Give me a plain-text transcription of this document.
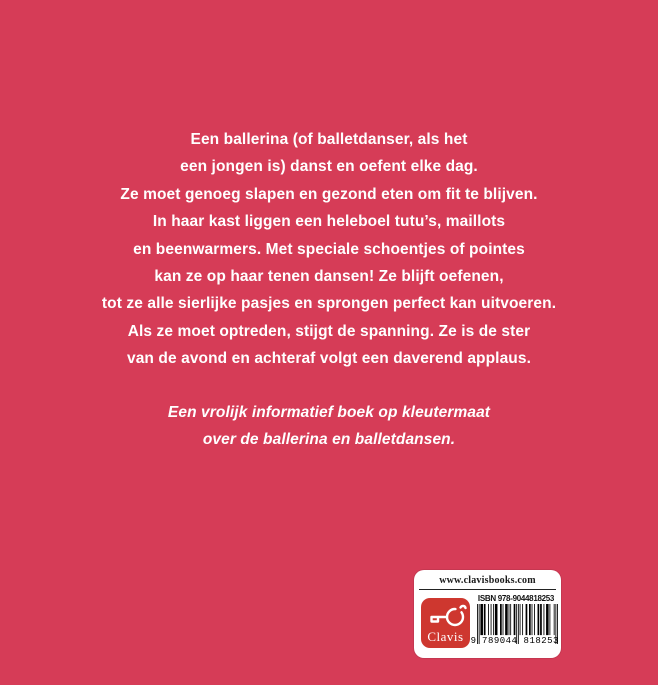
Een ballerina (of balletdanser, als het
een jongen is) danst en oefent elke dag.
Ze moet genoeg slapen en gezond eten om fit te blijven.
In haar kast liggen een heleboel tutu’s, maillots
en beenwarmers. Met speciale schoentjes of pointes
kan ze op haar tenen dansen! Ze blijft oefenen,
tot ze alle sierlijke pasjes en sprongen perfect kan uitvoeren.
Als ze moet optreden, stijgt de spanning. Ze is de ster
van de avond en achteraf volgt een daverend applaus.
Een vrolijk informatief boek op kleutermaat
over de ballerina en balletdansen.
www.clavisbooks.com
Clavis
ISBN 978-9044818253
9 789044 818253
